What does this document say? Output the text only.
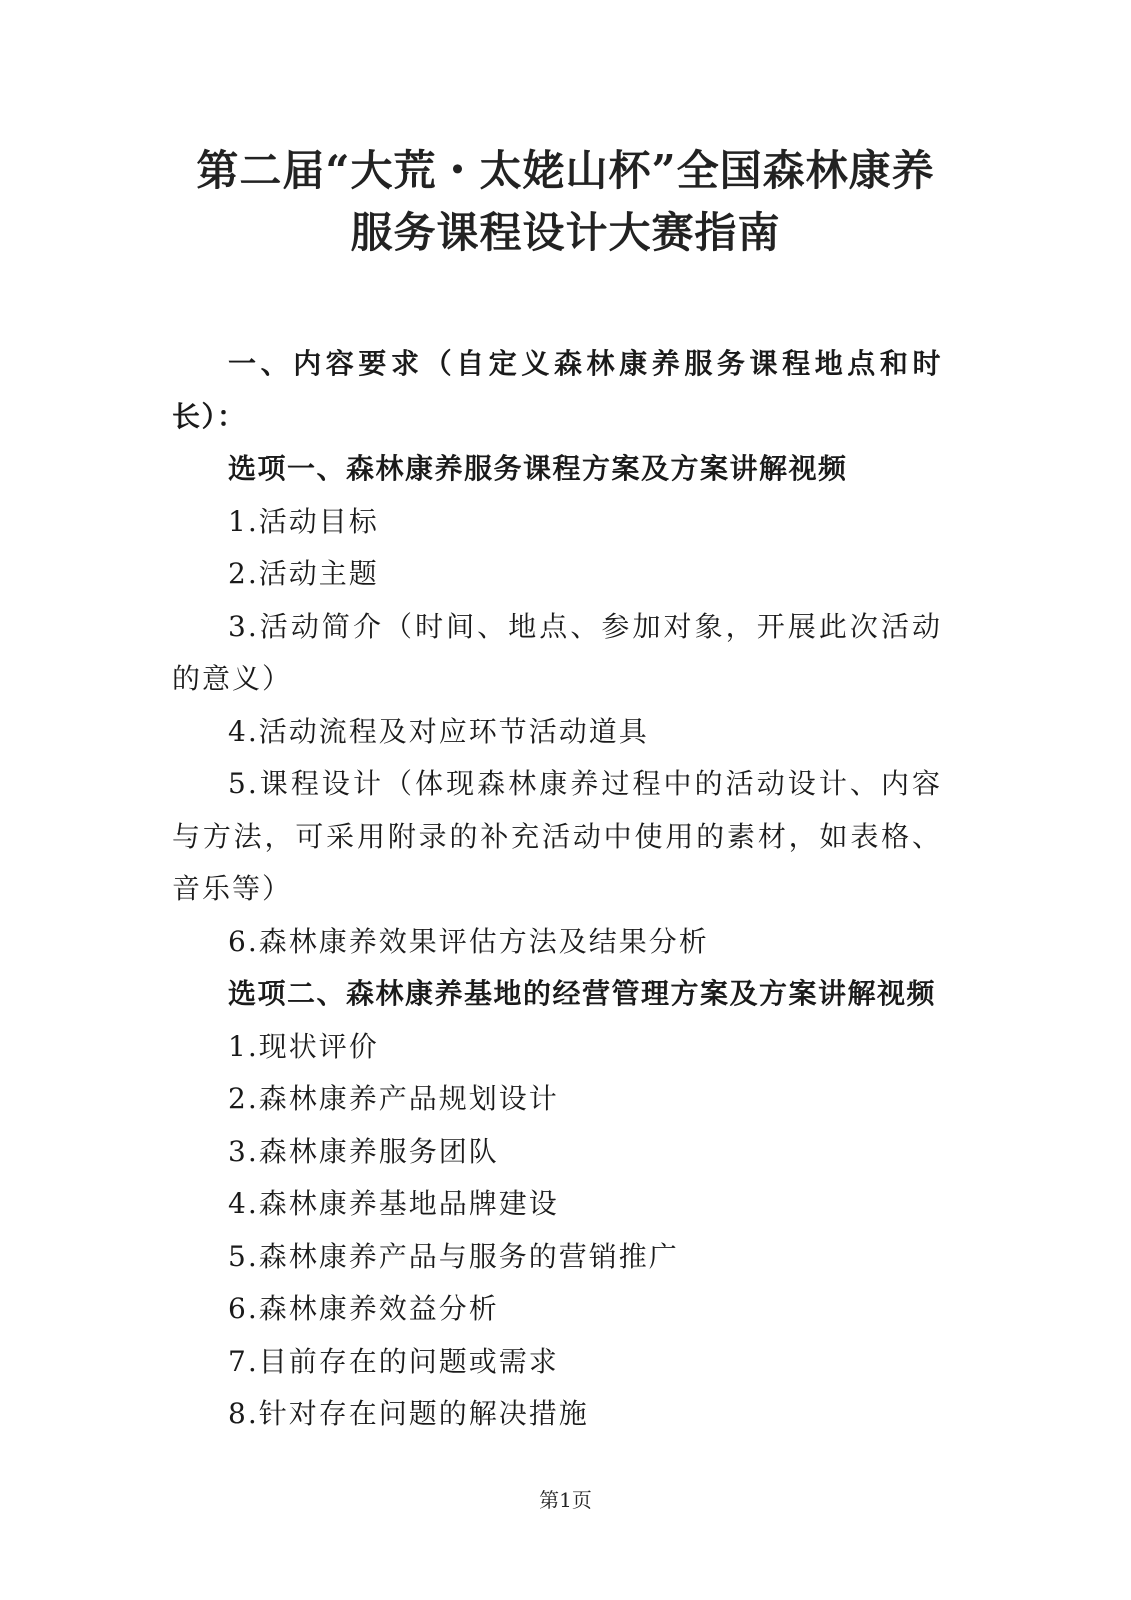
第二届“大荒・太姥山杯”全国森林康养
服务课程设计大赛指南

一、内容要求（自定义森林康养服务课程地点和时长）：

选项一、森林康养服务课程方案及方案讲解视频

1.活动目标

2.活动主题

3.活动简介（时间、地点、参加对象，开展此次活动的意义）

4.活动流程及对应环节活动道具

5.课程设计（体现森林康养过程中的活动设计、内容与方法，可采用附录的补充活动中使用的素材，如表格、音乐等）

6.森林康养效果评估方法及结果分析

选项二、森林康养基地的经营管理方案及方案讲解视频

1.现状评价

2.森林康养产品规划设计

3.森林康养服务团队

4.森林康养基地品牌建设

5.森林康养产品与服务的营销推广

6.森林康养效益分析

7.目前存在的问题或需求

8.针对存在问题的解决措施

第1页
